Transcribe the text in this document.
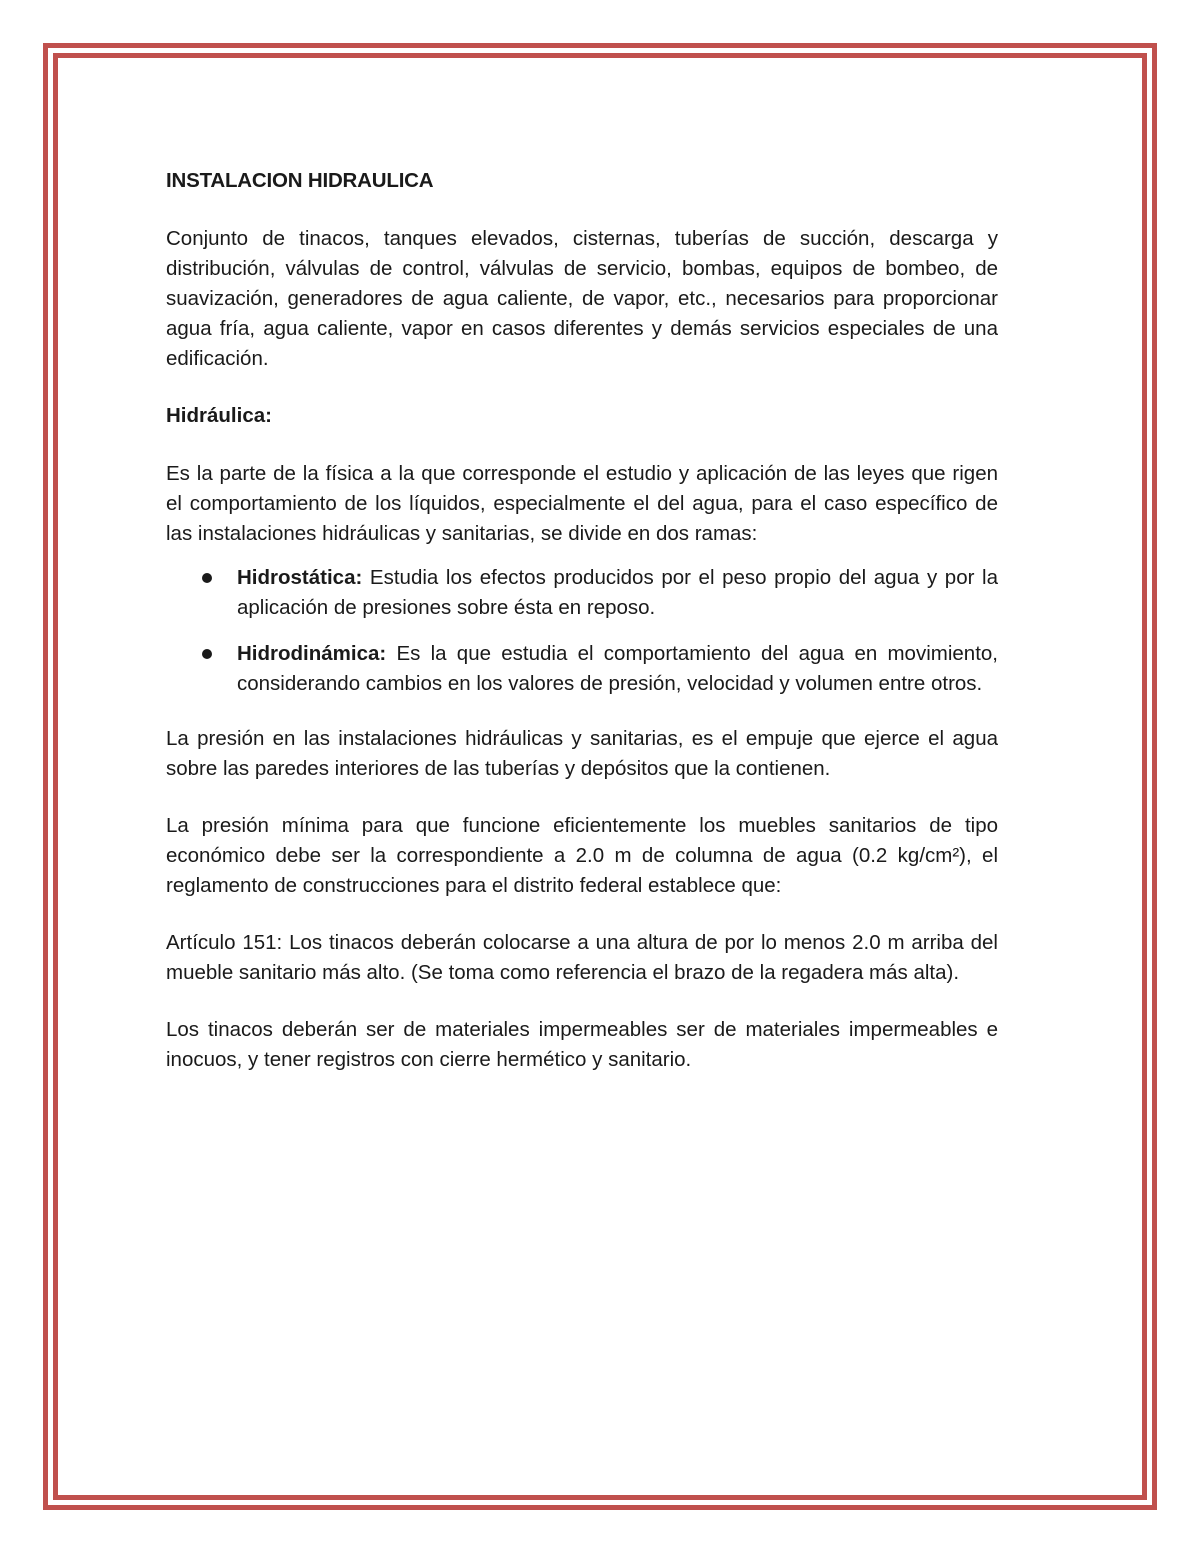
INSTALACION HIDRAULICA

Conjunto de tinacos, tanques elevados, cisternas, tuberías de succión, descarga y distribución, válvulas de control, válvulas de servicio, bombas, equipos de bombeo, de suavización, generadores de agua caliente, de vapor, etc., necesarios para proporcionar agua fría, agua caliente, vapor en casos diferentes y demás servicios especiales de una edificación.

Hidráulica:

Es la parte de la física a la que corresponde el estudio y aplicación de las leyes que rigen el comportamiento de los líquidos, especialmente el del agua, para el caso específico de las instalaciones hidráulicas y sanitarias, se divide en dos ramas:

Hidrostática: Estudia los efectos producidos por el peso propio del agua y por la aplicación de presiones sobre ésta en reposo.
Hidrodinámica: Es la que estudia el comportamiento del agua en movimiento, considerando cambios en los valores de presión, velocidad y volumen entre otros.

La presión en las instalaciones hidráulicas y sanitarias, es el empuje que ejerce el agua sobre las paredes interiores de las tuberías y depósitos que la contienen.

La presión mínima para que funcione eficientemente los muebles sanitarios de tipo económico debe ser la correspondiente a 2.0 m de columna de agua (0.2 kg/cm²), el reglamento de construcciones para el distrito federal establece que:

Artículo 151: Los tinacos deberán colocarse a una altura de por lo menos 2.0 m arriba del mueble sanitario más alto. (Se toma como referencia el brazo de la regadera más alta).

Los tinacos deberán ser de materiales impermeables ser de materiales impermeables e inocuos, y tener registros con cierre hermético y sanitario.
